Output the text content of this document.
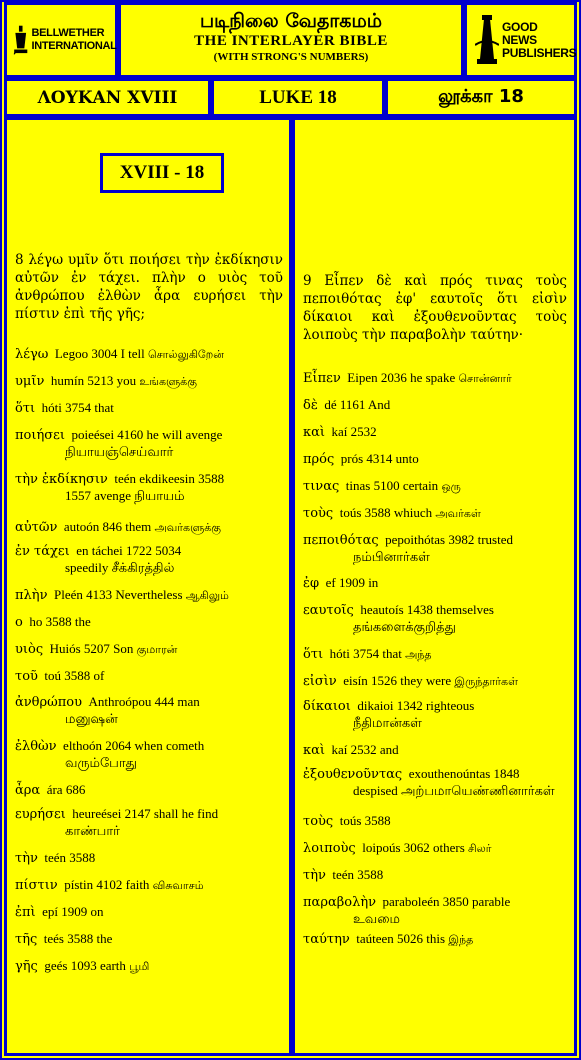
BELLWETHER INTERNATIONAL
படிநிலை வேதாகமம்
THE INTERLAYER BIBLE
(WITH STRONG'S NUMBERS)
GOOD NEWS PUBLISHERS
ΛΟΥΚΑΝ XVIII	LUKE 18	லூக்கா 18
XVIII - 18
8 λέγω υμῖν ὅτι ποιήσει τὴν ἐκδίκησιν αὐτῶν ἐν τάχει. πλὴν ο υιὸς τοῦ ἀνθρώπου ἐλθὼν ἆρα ευρήσει τὴν πίστιν ἐπὶ τῆς γῆς;
λέγω Legoo 3004 I tell சொல்லுகிறேன்
υμῖν humín 5213 you உங்களுக்கு
ὅτι hóti 3754 that
ποιήσει poieései 4160 he will avenge
நியாயஞ்செய்வார்
τὴν ἐκδίκησιν teén ekdikeesin 3588
1557 avenge நியாயம்
αὐτῶν autoón 846 them அவர்களுக்கு
ἐν τάχει en táchei 1722 5034
speedily சீக்கிரத்தில்
πλὴν Pleén 4133 Nevertheless ஆகிலும்
ο ho 3588 the
υιὸς Huiós 5207 Son குமாரன்
τοῦ toú 3588 of
ἀνθρώπου Anthroópou 444 man
மனுஷன்
ἐλθὼν elthoón 2064 when cometh
வரும்போது
ἆρα ára 686
ευρήσει heureései 2147 shall he find
காண்பார்
τὴν teén 3588
πίστιν pístin 4102 faith விசுவாசம்
ἐπὶ epí 1909 on
τῆς teés 3588 the
γῆς geés 1093 earth பூமி
9 Εἶπεν δὲ καὶ πρός τινας τοὺς πεποιθότας ἐφ' εαυτοῖς ὅτι εἰσὶν δίκαιοι καὶ ἐξουθενοῦντας τοὺς λοιποὺς τὴν παραβολὴν ταύτην·
Εἶπεν Eipen 2036 he spake சொன்னார்
δὲ dé 1161 And
καὶ kaí 2532
πρός prós 4314 unto
τινας tinas 5100 certain ஒரு
τοὺς toús 3588 whiuch அவர்கள்
πεποιθότας pepoithótas 3982 trusted
நம்பினார்கள்
ἐφ ef 1909 in
εαυτοῖς heautoís 1438 themselves
தங்களைக்குறித்து
ὅτι hóti 3754 that அந்த
εἰσὶν eisín 1526 they were இருந்தார்கள்
δίκαιοι dikaioi 1342 righteous
நீதிமான்கள்
καὶ kaí 2532 and
ἐξουθενοῦντας exouthenoúntas 1848
despised அற்பமாயெண்ணினார்கள்
τοὺς toús 3588
λοιποὺς loipoús 3062 others சிலர்
τὴν teén 3588
παραβολὴν paraboleén 3850 parable
உவமை
ταύτην taúteen 5026 this இந்த
